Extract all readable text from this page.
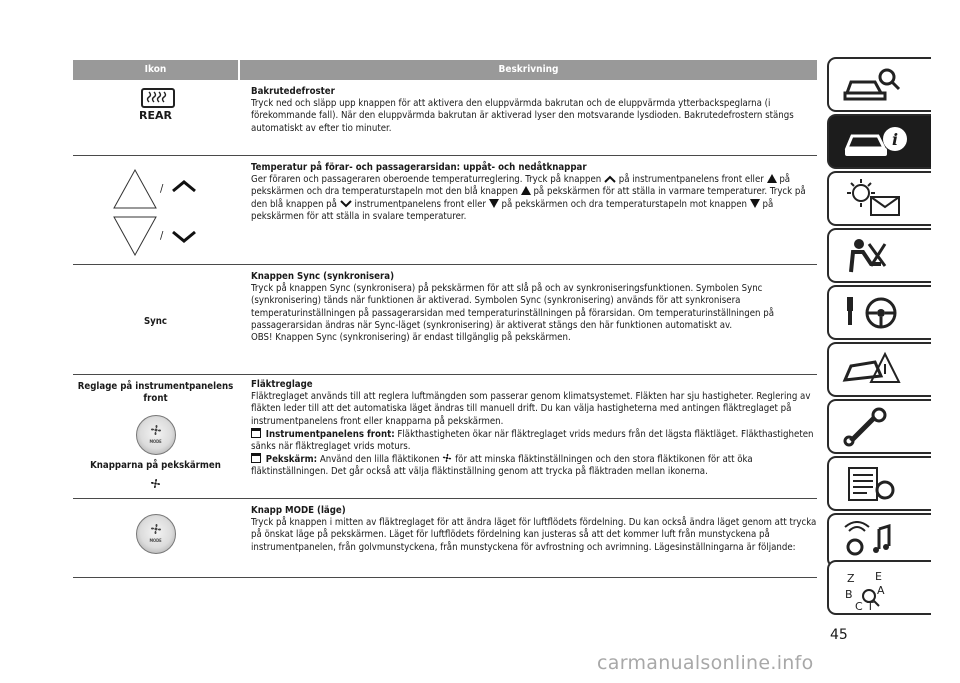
Ikon	Beskrivning
REAR

Bakrutedefroster

Tryck ned och släpp upp knappen för att aktivera den eluppvärmda bakrutan och de eluppvärmda ytterbackspeglarna (i förekommande fall). När den eluppvärmda bakrutan är aktiverad lyser den motsvarande lysdioden. Bakrutedefrostern stängs automatiskt av efter tio minuter.

/
/

Temperatur på förar- och passagerarsidan: uppåt- och nedåtknappar

Ger föraren och passageraren oberoende temperaturreglering. Tryck på knappen på instrumentpanelens front eller på pekskärmen och dra temperaturstapeln mot den blå knappen på pekskärmen för att ställa in varmare temperaturer. Tryck på den blå knappen på instrumentpanelens front eller på pekskärmen och dra temperaturstapeln mot knappen på pekskärmen för att ställa in svalare temperaturer.

Sync

Knappen Sync (synkronisera)

Tryck på knappen Sync (synkronisera) på pekskärmen för att slå på och av synkroniseringsfunktionen. Symbolen Sync (synkronisering) tänds när funktionen är aktiverad. Symbolen Sync (synkronisering) används för att synkronisera temperaturinställningen på passagerarsidan med temperaturinställningen på förarsidan. Om temperaturinställningen på passagerarsidan ändras när Sync-läget (synkronisering) är aktiverat stängs den här funktionen automatiskt av.

OBS! Knappen Sync (synkronisering) är endast tillgänglig på pekskärmen.

Reglage på instrumentpanelens front
MODE
Knapparna på pekskärmen

Fläktreglage

Fläktreglaget används till att reglera luftmängden som passerar genom klimatsystemet. Fläkten har sju hastigheter. Reglering av fläkten leder till att det automatiska läget ändras till manuell drift. Du kan välja hastigheterna med antingen fläktreglaget på instrumentpanelens front eller knapparna på pekskärmen.

Instrumentpanelens front: Fläkthastigheten ökar när fläktreglaget vrids medurs från det lägsta fläktläget. Fläkthastigheten sänks när fläktreglaget vrids moturs.

Pekskärm: Använd den lilla fläktikonen för att minska fläktinställningen och den stora fläktikonen för att öka fläktinställningen. Det går också att välja fläktinställning genom att trycka på fläktraden mellan ikonerna.

MODE

Knapp MODE (läge)

Tryck på knappen i mitten av fläktreglaget för att ändra läget för luftflödets fördelning. Du kan också ändra läget genom att trycka på önskat läge på pekskärmen. Läget för luftflödets fördelning kan justeras så att det kommer luft från munstyckena på instrumentpanelen, från golvmunstyckena, från munstyckena för avfrostning och avrimning. Lägesinställningarna är följande:

i
Z E
B A
C T
45
carmanualsonline.info
